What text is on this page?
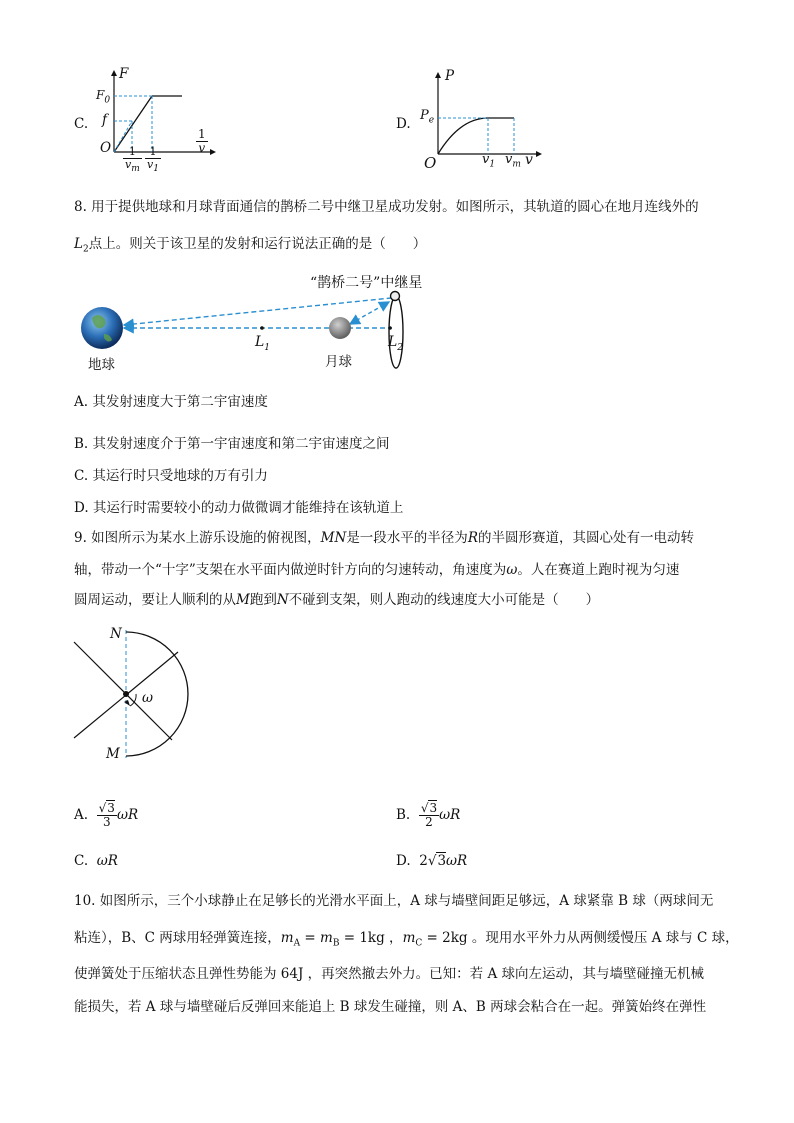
C.
F
$F_0$
f
O $\frac{1}{v_m} \frac{1}{v_1}$
$\frac{1}{v}$
D.
P
$P_e$
O	$v_1$ $v_m$ v
8. 用于提供地球和月球背面通信的鹊桥二号中继卫星成功发射。如图所示，其轨道的圆心在地月连线外的
$L_2$点上。则关于该卫星的发射和运行说法正确的是（　　）
“鹊桥二号”中继星
地球
$L_1$
月球
$L_2$
A. 其发射速度大于第二宇宙速度
B. 其发射速度介于第一宇宙速度和第二宇宙速度之间
C. 其运行时只受地球的万有引力
D. 其运行时需要较小的动力做微调才能维持在该轨道上
9. 如图所示为某水上游乐设施的俯视图，MN是一段水平的半径为R的半圆形赛道，其圆心处有一电动转
轴，带动一个“十字”支架在水平面内做逆时针方向的匀速转动，角速度为ω。人在赛道上跑时视为匀速
圆周运动，要让人顺利的从M跑到N不碰到支架，则人跑动的线速度大小可能是（　　）
N
M
ω
A. $\frac{√3}{3}$ ωR	B. $\frac{√3}{2}$ ωR
C. ωR	D. 2√3ωR
10. 如图所示，三个小球静止在足够长的光滑水平面上，A 球与墙壁间距足够远，A 球紧靠 B 球（两球间无
粘连），B、C 两球用轻弹簧连接，$m_A = m_B = 1kg$ ，$m_C = 2kg$ 。现用水平外力从两侧缓慢压 A 球与 C 球，
使弹簧处于压缩状态且弹性势能为 64J ，再突然撤去外力。已知：若 A 球向左运动，其与墙壁碰撞无机械
能损失，若 A 球与墙壁碰后反弹回来能追上 B 球发生碰撞，则 A、B 两球会粘合在一起。弹簧始终在弹性
